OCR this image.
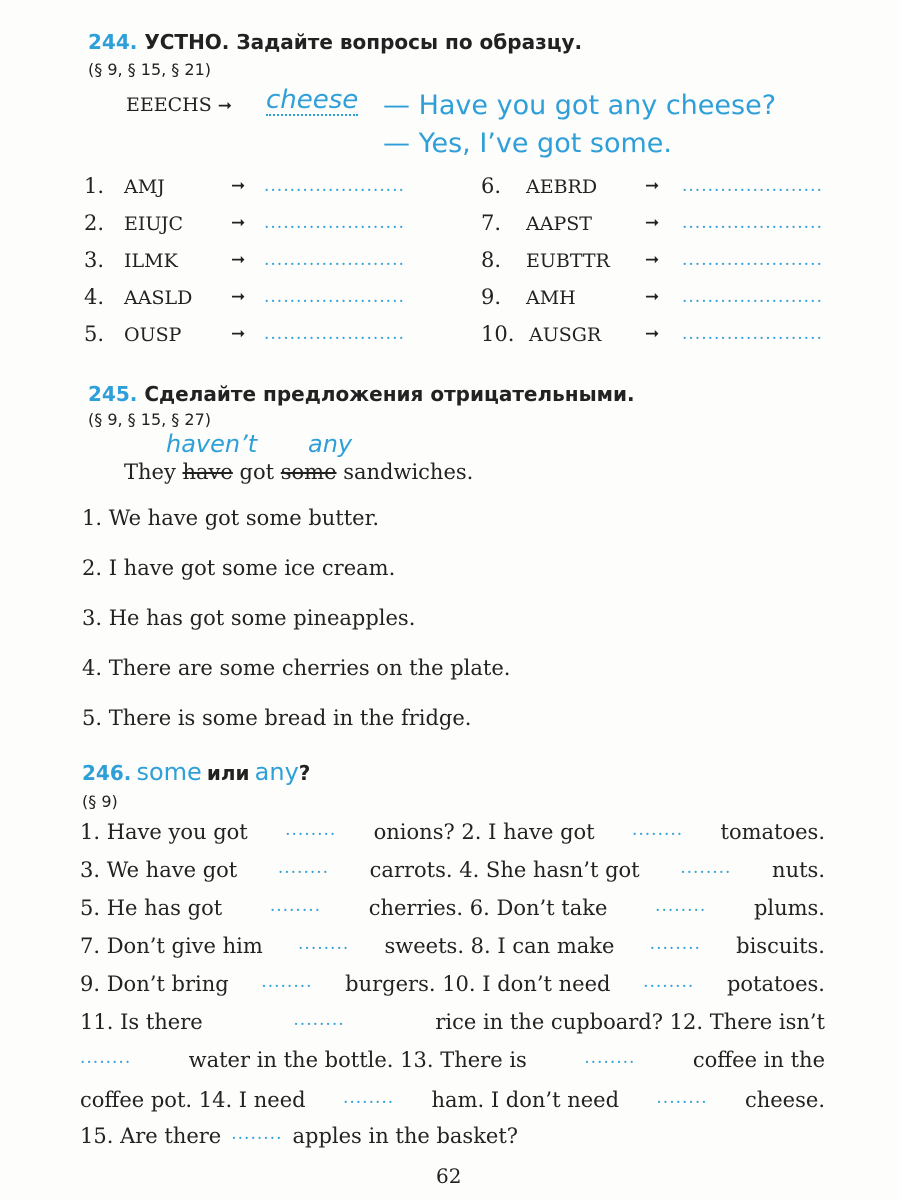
244. УСТНО. Задайте вопросы по образцу.
(§ 9, § 15, § 21)
EEECHS ➞ cheese — Have you got any cheese?
— Yes, I’ve got some.
1. AMJ	➞ ......................	6. AEBRD	➞ ......................
2. EIUJC	➞ ......................	7. AAPST	➞ ......................
3. ILMK	➞ ......................	8. EUBTTR ➞ ......................
4. AASLD ➞ ......................	9. AMH	➞ ......................
5. OUSP	➞ ......................	10. AUSGR	➞ ......................
245. Сделайте предложения отрицательными.
(§ 9, § 15, § 27)
haven’t any
They have got some sandwiches.
1. We have got some butter.
2. I have got some ice cream.
3. He has got some pineapples.
4. There are some cherries on the plate.
5. There is some bread in the fridge.
246. some или any?
(§ 9)
1. Have you got ........ onions? 2. I have got ........ tomatoes.
3. We have got ........ carrots. 4. She hasn’t got ........ nuts.
5. He has got	........ cherries. 6. Don’t take	........ plums.
7. Don’t give him ........ sweets. 8. I can make ........ biscuits.
9. Don’t bring ........ burgers. 10. I don’t need ........ potatoes.
11. Is there	........	rice in the cupboard? 12. There isn’t
........	water in the bottle. 13. There is	........	coffee in the
coffee pot. 14. I need ........ ham. I don’t need ........ cheese.
15. Are there ........ apples in the basket?
62
